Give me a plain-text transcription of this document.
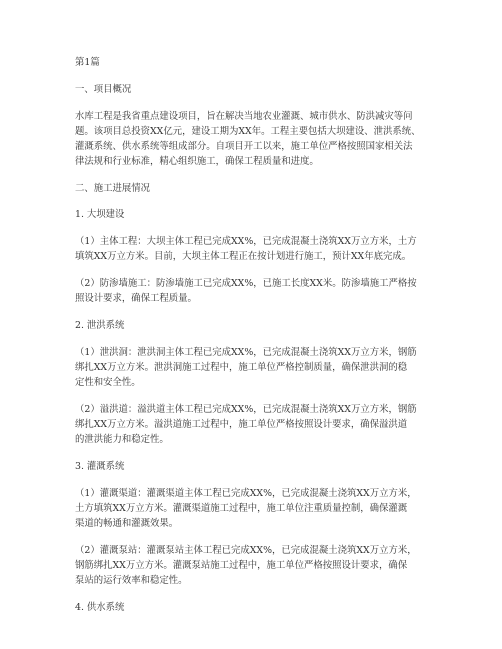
第1篇
一、项目概况
水库工程是我省重点建设项目，旨在解决当地农业灌溉、城市供水、防洪减灾等问
题。该项目总投资XX亿元，建设工期为XX年。工程主要包括大坝建设、泄洪系统、
灌溉系统、供水系统等组成部分。自项目开工以来，施工单位严格按照国家相关法
律法规和行业标准，精心组织施工，确保工程质量和进度。
二、施工进展情况
1. 大坝建设
（1）主体工程：大坝主体工程已完成XX%，已完成混凝土浇筑XX万立方米，土方
填筑XX万立方米。目前，大坝主体工程正在按计划进行施工，预计XX年底完成。
（2）防渗墙施工：防渗墙施工已完成XX%，已施工长度XX米。防渗墙施工严格按
照设计要求，确保工程质量。
2. 泄洪系统
（1）泄洪洞：泄洪洞主体工程已完成XX%，已完成混凝土浇筑XX万立方米，钢筋
绑扎XX万立方米。泄洪洞施工过程中，施工单位严格控制质量，确保泄洪洞的稳
定性和安全性。
（2）溢洪道：溢洪道主体工程已完成XX%，已完成混凝土浇筑XX万立方米，钢筋
绑扎XX万立方米。溢洪道施工过程中，施工单位严格按照设计要求，确保溢洪道
的泄洪能力和稳定性。
3. 灌溉系统
（1）灌溉渠道：灌溉渠道主体工程已完成XX%，已完成混凝土浇筑XX万立方米，
土方填筑XX万立方米。灌溉渠道施工过程中，施工单位注重质量控制，确保灌溉
渠道的畅通和灌溉效果。
（2）灌溉泵站：灌溉泵站主体工程已完成XX%，已完成混凝土浇筑XX万立方米，
钢筋绑扎XX万立方米。灌溉泵站施工过程中，施工单位严格按照设计要求，确保
泵站的运行效率和稳定性。
4. 供水系统
